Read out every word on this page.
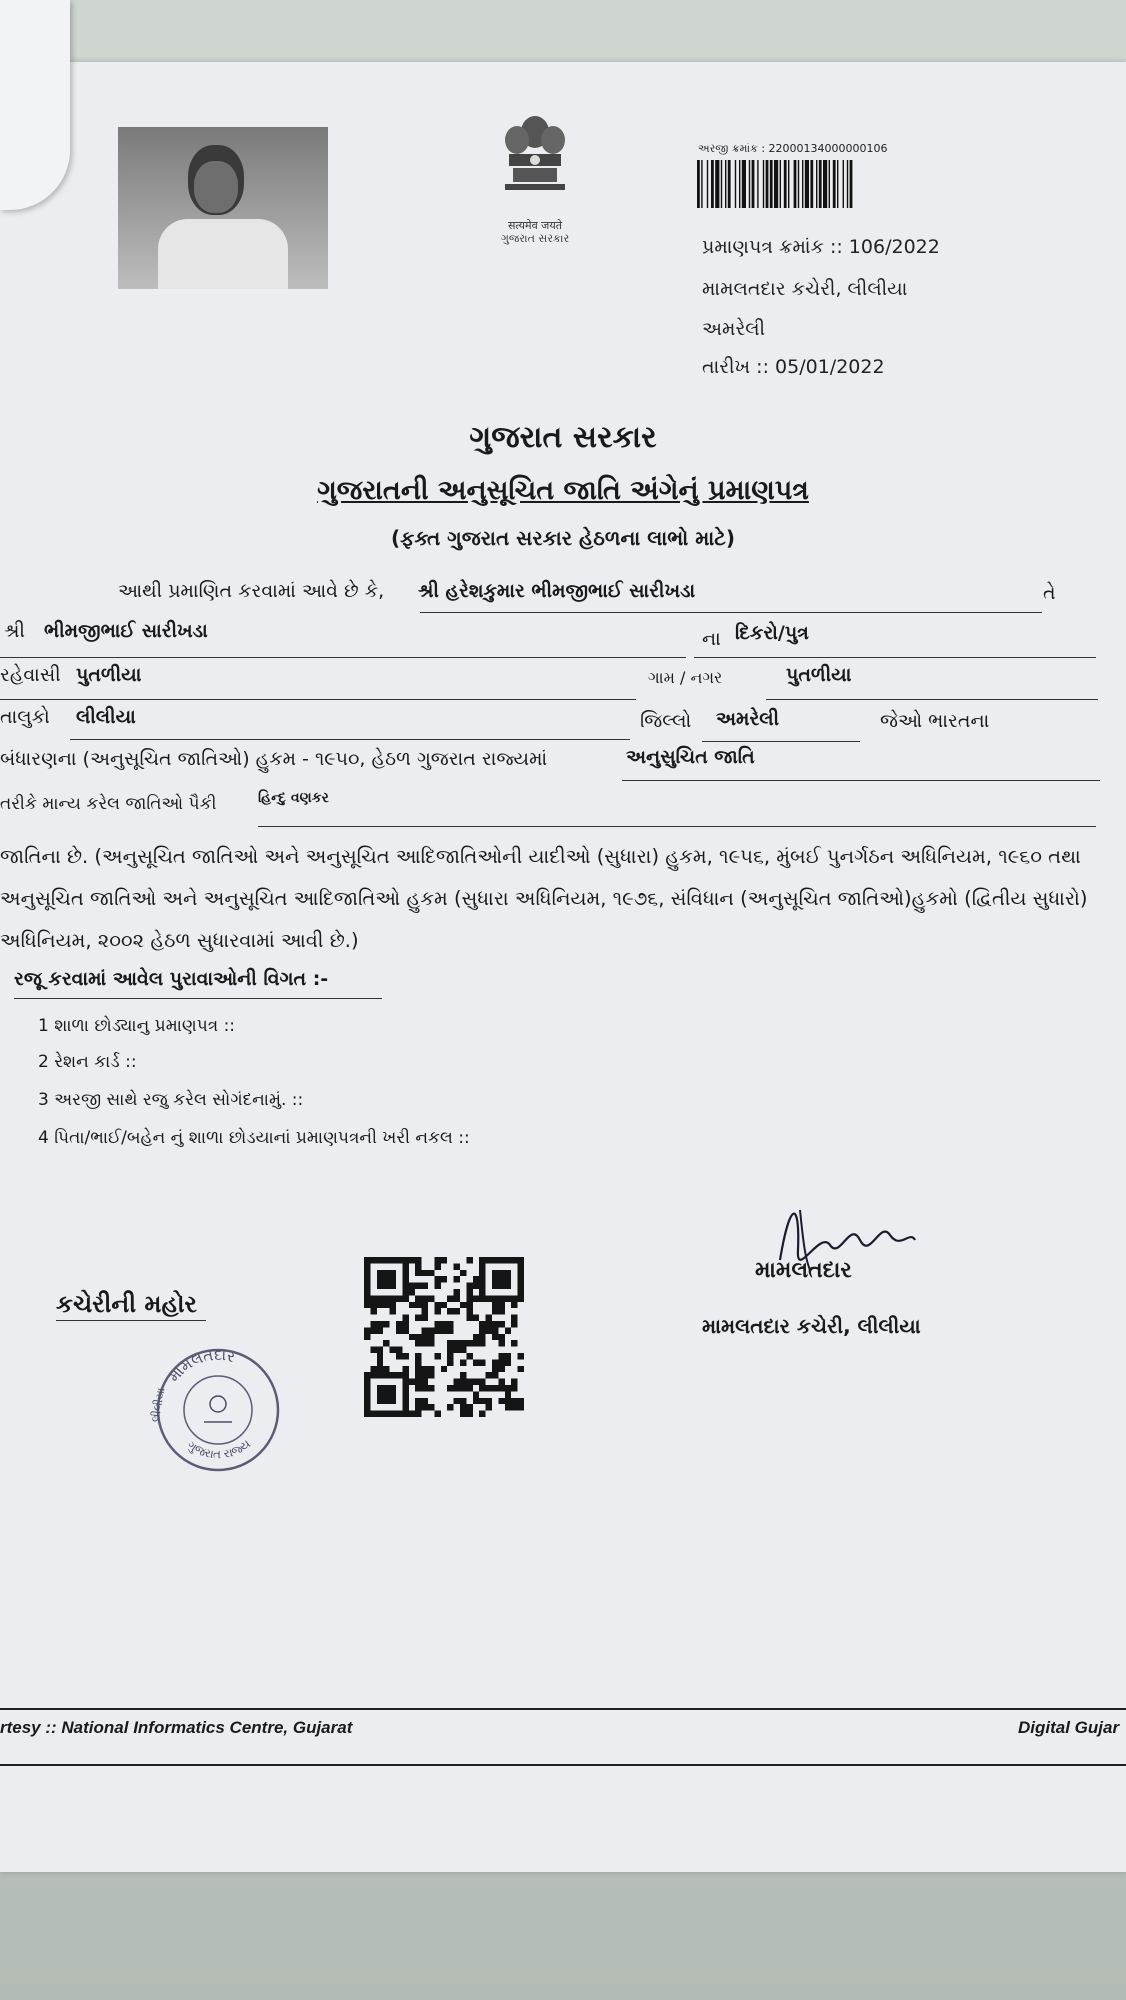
सत्यमेव जयते
ગુજરાત સરકાર
અરજી ક્રમાંક : 22000134000000106
પ્રમાણપત્ર ક્રમાંક :: 106/2022
મામલતદાર કચેરી, લીલીયા
અમરેલી
તારીખ :: 05/01/2022
ગુજરાત સરકાર
ગુજરાતની અનુસૂચિત જાતિ અંગેનું પ્રમાણપત્ર
(ફક્ત ગુજરાત સરકાર હેઠળના લાભો માટે)
આથી પ્રમાણિત કરવામાં આવે છે કે, શ્રી હરેશકુમાર ભીમજીભાઈ સારીખડા	તે
શ્રી ભીમજીભાઈ સારીખડા	ના દિકરો/પુત્ર
રહેવાસી પુતળીયા	ગામ / નગર	પુતળીયા
તાલુકો લીલીયા	જિલ્લો અમરેલી	જેઓ ભારતના
બંધારણના (અનુસૂચિત જાતિઓ) હુકમ - ૧૯૫૦, હેઠળ ગુજરાત રાજ્યમાં	અનુસુચિત જાતિ
તરીકે માન્ય કરેલ જાતિઓ પૈકી	હિન્દુ વણકર
જાતિના છે. (અનુસૂચિત જાતિઓ અને અનુસૂચિત આદિજાતિઓની યાદીઓ (સુધારા) હુકમ, ૧૯૫૬, મુંબઈ પુનર્ગઠન અધિનિયમ, ૧૯૬૦ તથા
અનુસૂચિત જાતિઓ અને અનુસૂચિત આદિજાતિઓ હુકમ (સુધારા અધિનિયમ, ૧૯૭૬, સંવિધાન (અનુસૂચિત જાતિઓ)હુકમો (દ્વિતીય સુધારો)
અધિનિયમ, ૨૦૦૨ હેઠળ સુધારવામાં આવી છે.)
રજૂ કરવામાં આવેલ પુરાવાઓની વિગત :-
1 શાળા છોડ્યાનુ પ્રમાણપત્ર ::
2 રેશન કાર્ડ ::
3 અરજી સાથે રજુ કરેલ સોગંદનામું. ::
4 પિતા/ભાઈ/બહેન નું શાળા છોડયાનાં પ્રમાણપત્રની ખરી નકલ ::
કચેરીની મહોર
મામલતદાર
ગુજરાત રાજ્ય
લીલીયા
મામલતદાર
મામલતદાર કચેરી, લીલીયા
rtesy :: National Informatics Centre, Gujarat	Digital Gujar
